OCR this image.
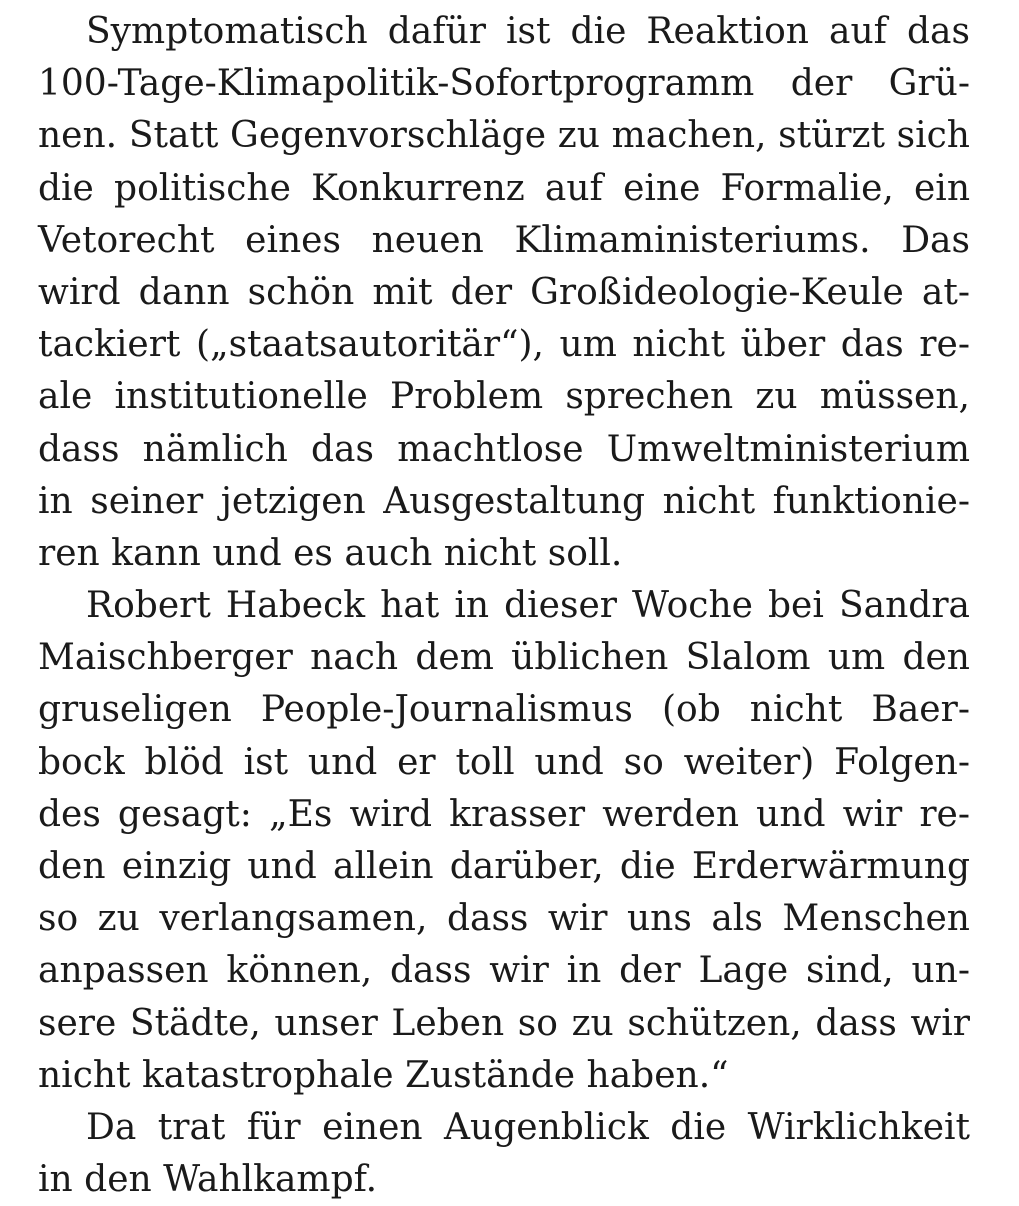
Symptomatisch dafür ist die Reaktion auf das
100-Tage-Klimapolitik-Sofortprogramm der Grü-
nen. Statt Gegenvorschläge zu machen, stürzt sich
die politische Konkurrenz auf eine Formalie, ein
Vetorecht eines neuen Klimaministeriums. Das
wird dann schön mit der Großideologie-Keule at-
tackiert („staatsautoritär“), um nicht über das re-
ale institutionelle Problem sprechen zu müssen,
dass nämlich das machtlose Umweltministerium
in seiner jetzigen Ausgestaltung nicht funktionie-
ren kann und es auch nicht soll.

Robert Habeck hat in dieser Woche bei Sandra
Maischberger nach dem üblichen Slalom um den
gruseligen People-Journalismus (ob nicht Baer-
bock blöd ist und er toll und so weiter) Folgen-
des gesagt: „Es wird krasser werden und wir re-
den einzig und allein darüber, die Erderwärmung
so zu verlangsamen, dass wir uns als Menschen
anpassen können, dass wir in der Lage sind, un-
sere Städte, unser Leben so zu schützen, dass wir
nicht katastrophale Zustände haben.“

Da trat für einen Augenblick die Wirklichkeit
in den Wahlkampf.
